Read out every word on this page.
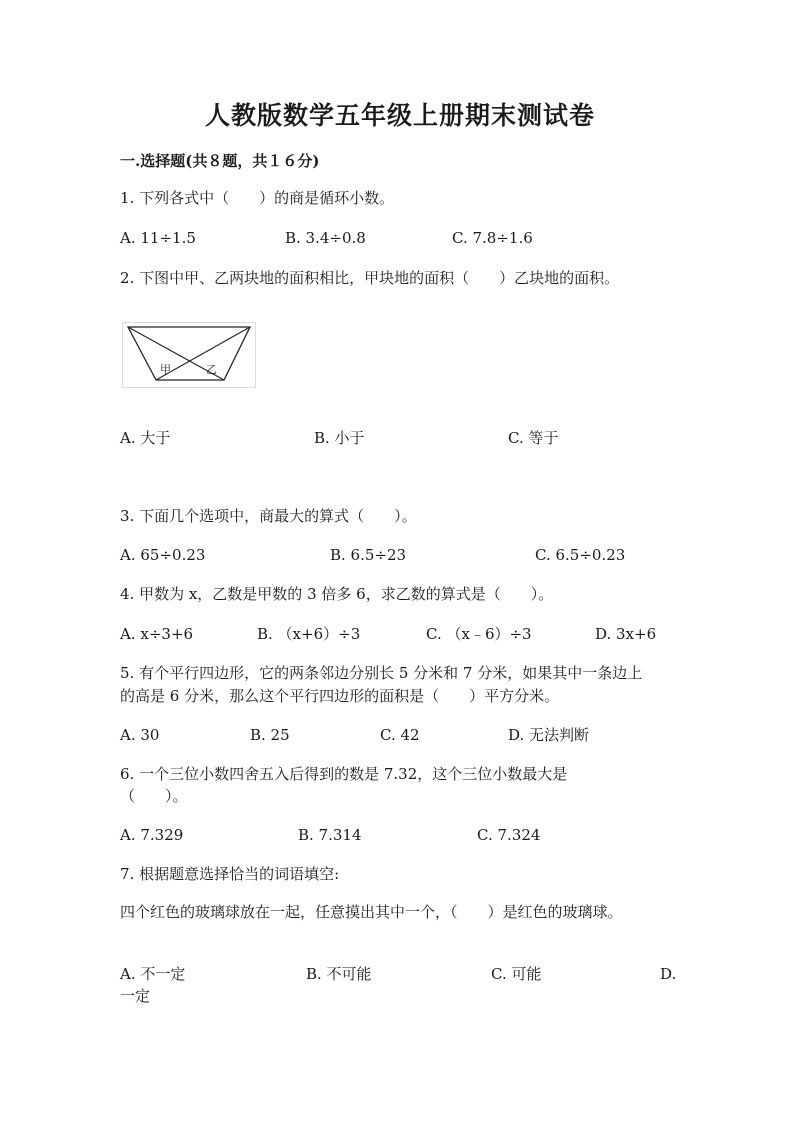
人教版数学五年级上册期末测试卷
一.选择题(共８题，共１６分)
1. 下列各式中（　　）的商是循环小数。
A. 11÷1.5	B. 3.4÷0.8	C. 7.8÷1.6
2. 下图中甲、乙两块地的面积相比，甲块地的面积（　　）乙块地的面积。
甲	乙
A. 大于	B. 小于	C. 等于
3. 下面几个选项中，商最大的算式（　　）。
A. 65÷0.23	B. 6.5÷23	C. 6.5÷0.23
4. 甲数为 x，乙数是甲数的 3 倍多 6，求乙数的算式是（　　）。
A. x÷3+6	B. （x+6）÷3	C. （x﹣6）÷3	D. 3x+6
5. 有个平行四边形，它的两条邻边分别长 5 分米和 7 分米，如果其中一条边上
的高是 6 分米，那么这个平行四边形的面积是（　　）平方分米。
A. 30	B. 25	C. 42	D. 无法判断
6. 一个三位小数四舍五入后得到的数是 7.32，这个三位小数最大是
（　　）。
A. 7.329	B. 7.314	C. 7.324
7. 根据题意选择恰当的词语填空:
四个红色的玻璃球放在一起，任意摸出其中一个，（　　）是红色的玻璃球。
A. 不一定	B. 不可能	C. 可能	D.
一定
